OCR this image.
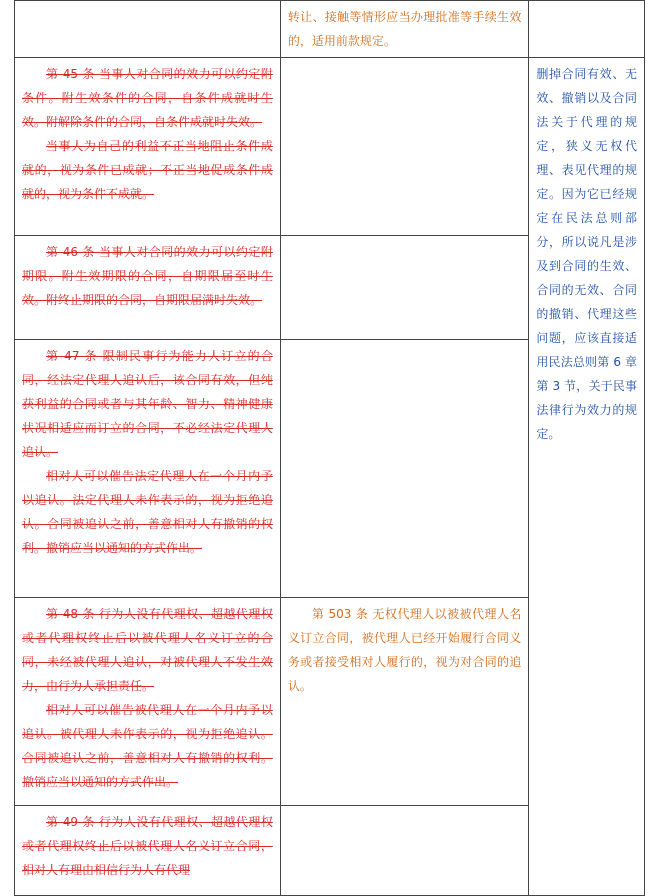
	转让、接触等情形应当办理批准等手续生效的，适用前款规定。	

第 45 条 当事人对合同的效力可以约定附条件。附生效条件的合同，自条件成就时生效。附解除条件的合同，自条件成就时失效。

当事人为自己的利益不正当地阻止条件成就的，视为条件已成就；不正当地促成条件成就的，视为条件不成就。		删掉合同有效、无效、撤销以及合同法关于代理的规定，狭义无权代理、表见代理的规定。因为它已经规定在民法总则部分，所以说凡是涉及到合同的生效、合同的无效、合同的撤销、代理这些问题，应该直接适用民法总则第 6 章第 3 节，关于民事法律行为效力的规定。

第 46 条 当事人对合同的效力可以约定附期限。附生效期限的合同，自期限届至时生效。附终止期限的合同，自期限届满时失效。		

第 47 条 限制民事行为能力人订立的合同，经法定代理人追认后，该合同有效，但纯获利益的合同或者与其年龄、智力、精神健康状况相适应而订立的合同，不必经法定代理人追认。

相对人可以催告法定代理人在一个月内予以追认。法定代理人未作表示的，视为拒绝追认。合同被追认之前，善意相对人有撤销的权利。撤销应当以通知的方式作出。		

第 48 条 行为人没有代理权、超越代理权或者代理权终止后以被代理人名义订立的合同，未经被代理人追认，对被代理人不发生效力，由行为人承担责任。

相对人可以催告被代理人在一个月内予以追认。被代理人未作表示的，视为拒绝追认。合同被追认之前，善意相对人有撤销的权利。撤销应当以通知的方式作出。	第 503 条 无权代理人以被被代理人名义订立合同，被代理人已经开始履行合同义务或者接受相对人履行的，视为对合同的追认。	

第 49 条 行为人没有代理权、超越代理权或者代理权终止后以被代理人名义订立合同，相对人有理由相信行为人有代理		
